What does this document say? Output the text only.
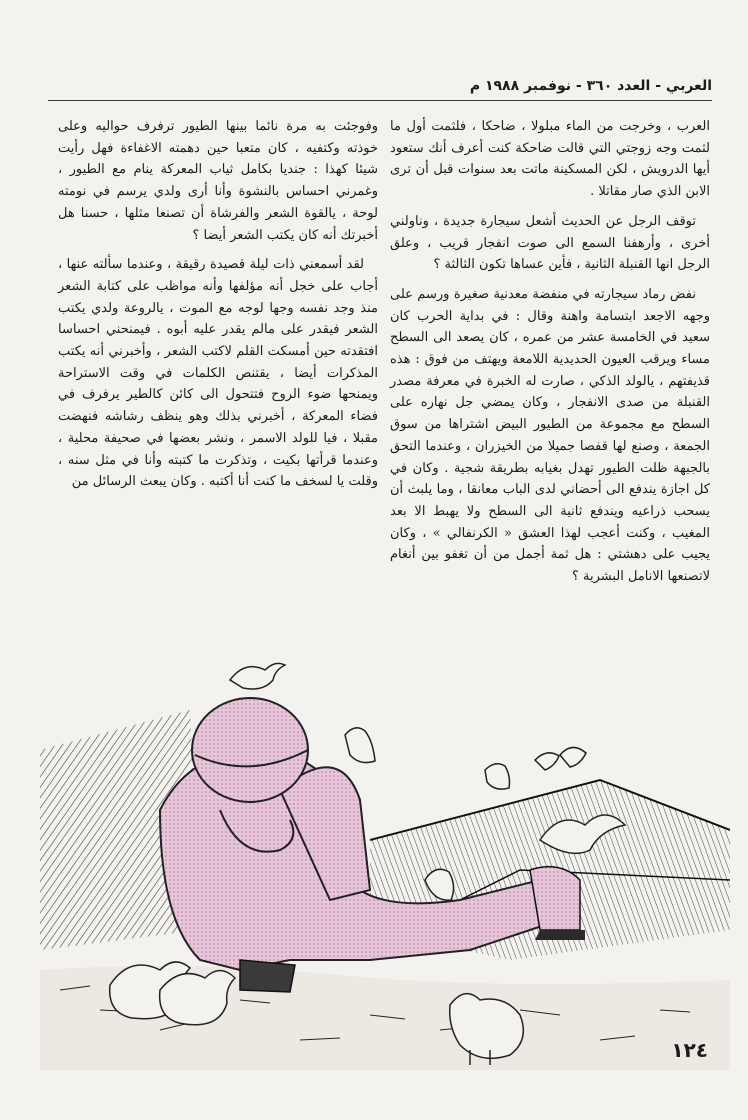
العربي - العدد ٣٦٠ - نوفمبر ١٩٨٨ م

العرب ، وخرجت من الماء مبلولا ، ضاحكا ، فلثمت أول ما لثمت وجه زوجتي التي قالت ضاحكة كنت أعرف أنك ستعود أيها الدرويش ، لكن المسكينة ماتت بعد سنوات قبل أن ترى الابن الذي صار مقاتلا .

توقف الرجل عن الحديث أشعل سيجارة جديدة ، وناولني أخرى ، وأرهفنا السمع الى صوت انفجار قريب ، وعلق الرجل انها القنبلة الثانية ، فأين عساها تكون الثالثة ؟

نفض رماد سيجارته في منفضة معدنية صغيرة ورسم على وجهه الاجعد ابتسامة واهنة وقال : في بداية الحرب كان سعيد في الخامسة عشر من عمره ، كان يصعد الى السطح مساء ويرقب العيون الحديدية اللامعة ويهتف من فوق : هذه قذيفتهم ، يالولد الذكي ، صارت له الخبرة في معرفة مصدر القنبلة من صدى الانفجار ، وكان يمضي جل نهاره على السطح مع مجموعة من الطيور البيض اشتراها من سوق الجمعة ، وصنع لها قفصا جميلا من الخيزران ، وعندما التحق بالجبهة ظلت الطيور تهدل بغيابه بطريقة شجية . وكان في كل اجازة يندفع الى أحضاني لدى الباب معانقا ، وما يلبث أن يسحب ذراعيه ويندفع ثانية الى السطح ولا يهبط الا بعد المغيب ، وكنت أعجب لهذا العشق « الكرنفالي » ، وكان يجيب على دهشتي : هل ثمة أجمل من أن تغفو بين أنغام لاتصنعها الانامل البشرية ؟

وفوجئت به مرة نائما بينها الطيور ترفرف حواليه وعلى خوذته وكتفيه ، كان متعبا حين دهمته الاغفاءة فهل رأيت شيئا كهذا : جنديا بكامل ثياب المعركة ينام مع الطيور ، وغمرني احساس بالنشوة وأنا أرى ولدي يرسم في نومته لوحة ، يالقوة الشعر والفرشاة أن تصنعا مثلها ، حسنا هل أخبرتك أنه كان يكتب الشعر أيضا ؟

لقد أسمعني ذات ليلة قصيدة رقيقة ، وعندما سألته عنها ، أجاب على خجل أنه مؤلفها وأنه مواظب على كتابة الشعر منذ وجد نفسه وجها لوجه مع الموت ، يالروعة ولدي يكتب الشعر فيقدر على مالم يقدر عليه أبوه . فيمنحني احساسا افتقدته حين أمسكت القلم لاكتب الشعر ، وأخبرني أنه يكتب المذكرات أيضا ، يقتنص الكلمات في وقت الاستراحة ويمنحها ضوء الروح فتتحول الى كائن كالطير يرفرف في فضاء المعركة ، أخبرني بذلك وهو ينظف رشاشه فنهضت مقبلا ، فيا للولد الاسمر ، ونشر بعضها في صحيفة محلية ، وعندما قرأتها بكيت ، وتذكرت ما كتبته وأنا في مثل سنه ، وقلت يا لسخف ما كنت أنا أكتبه . وكان يبعث الرسائل من

١٢٤
